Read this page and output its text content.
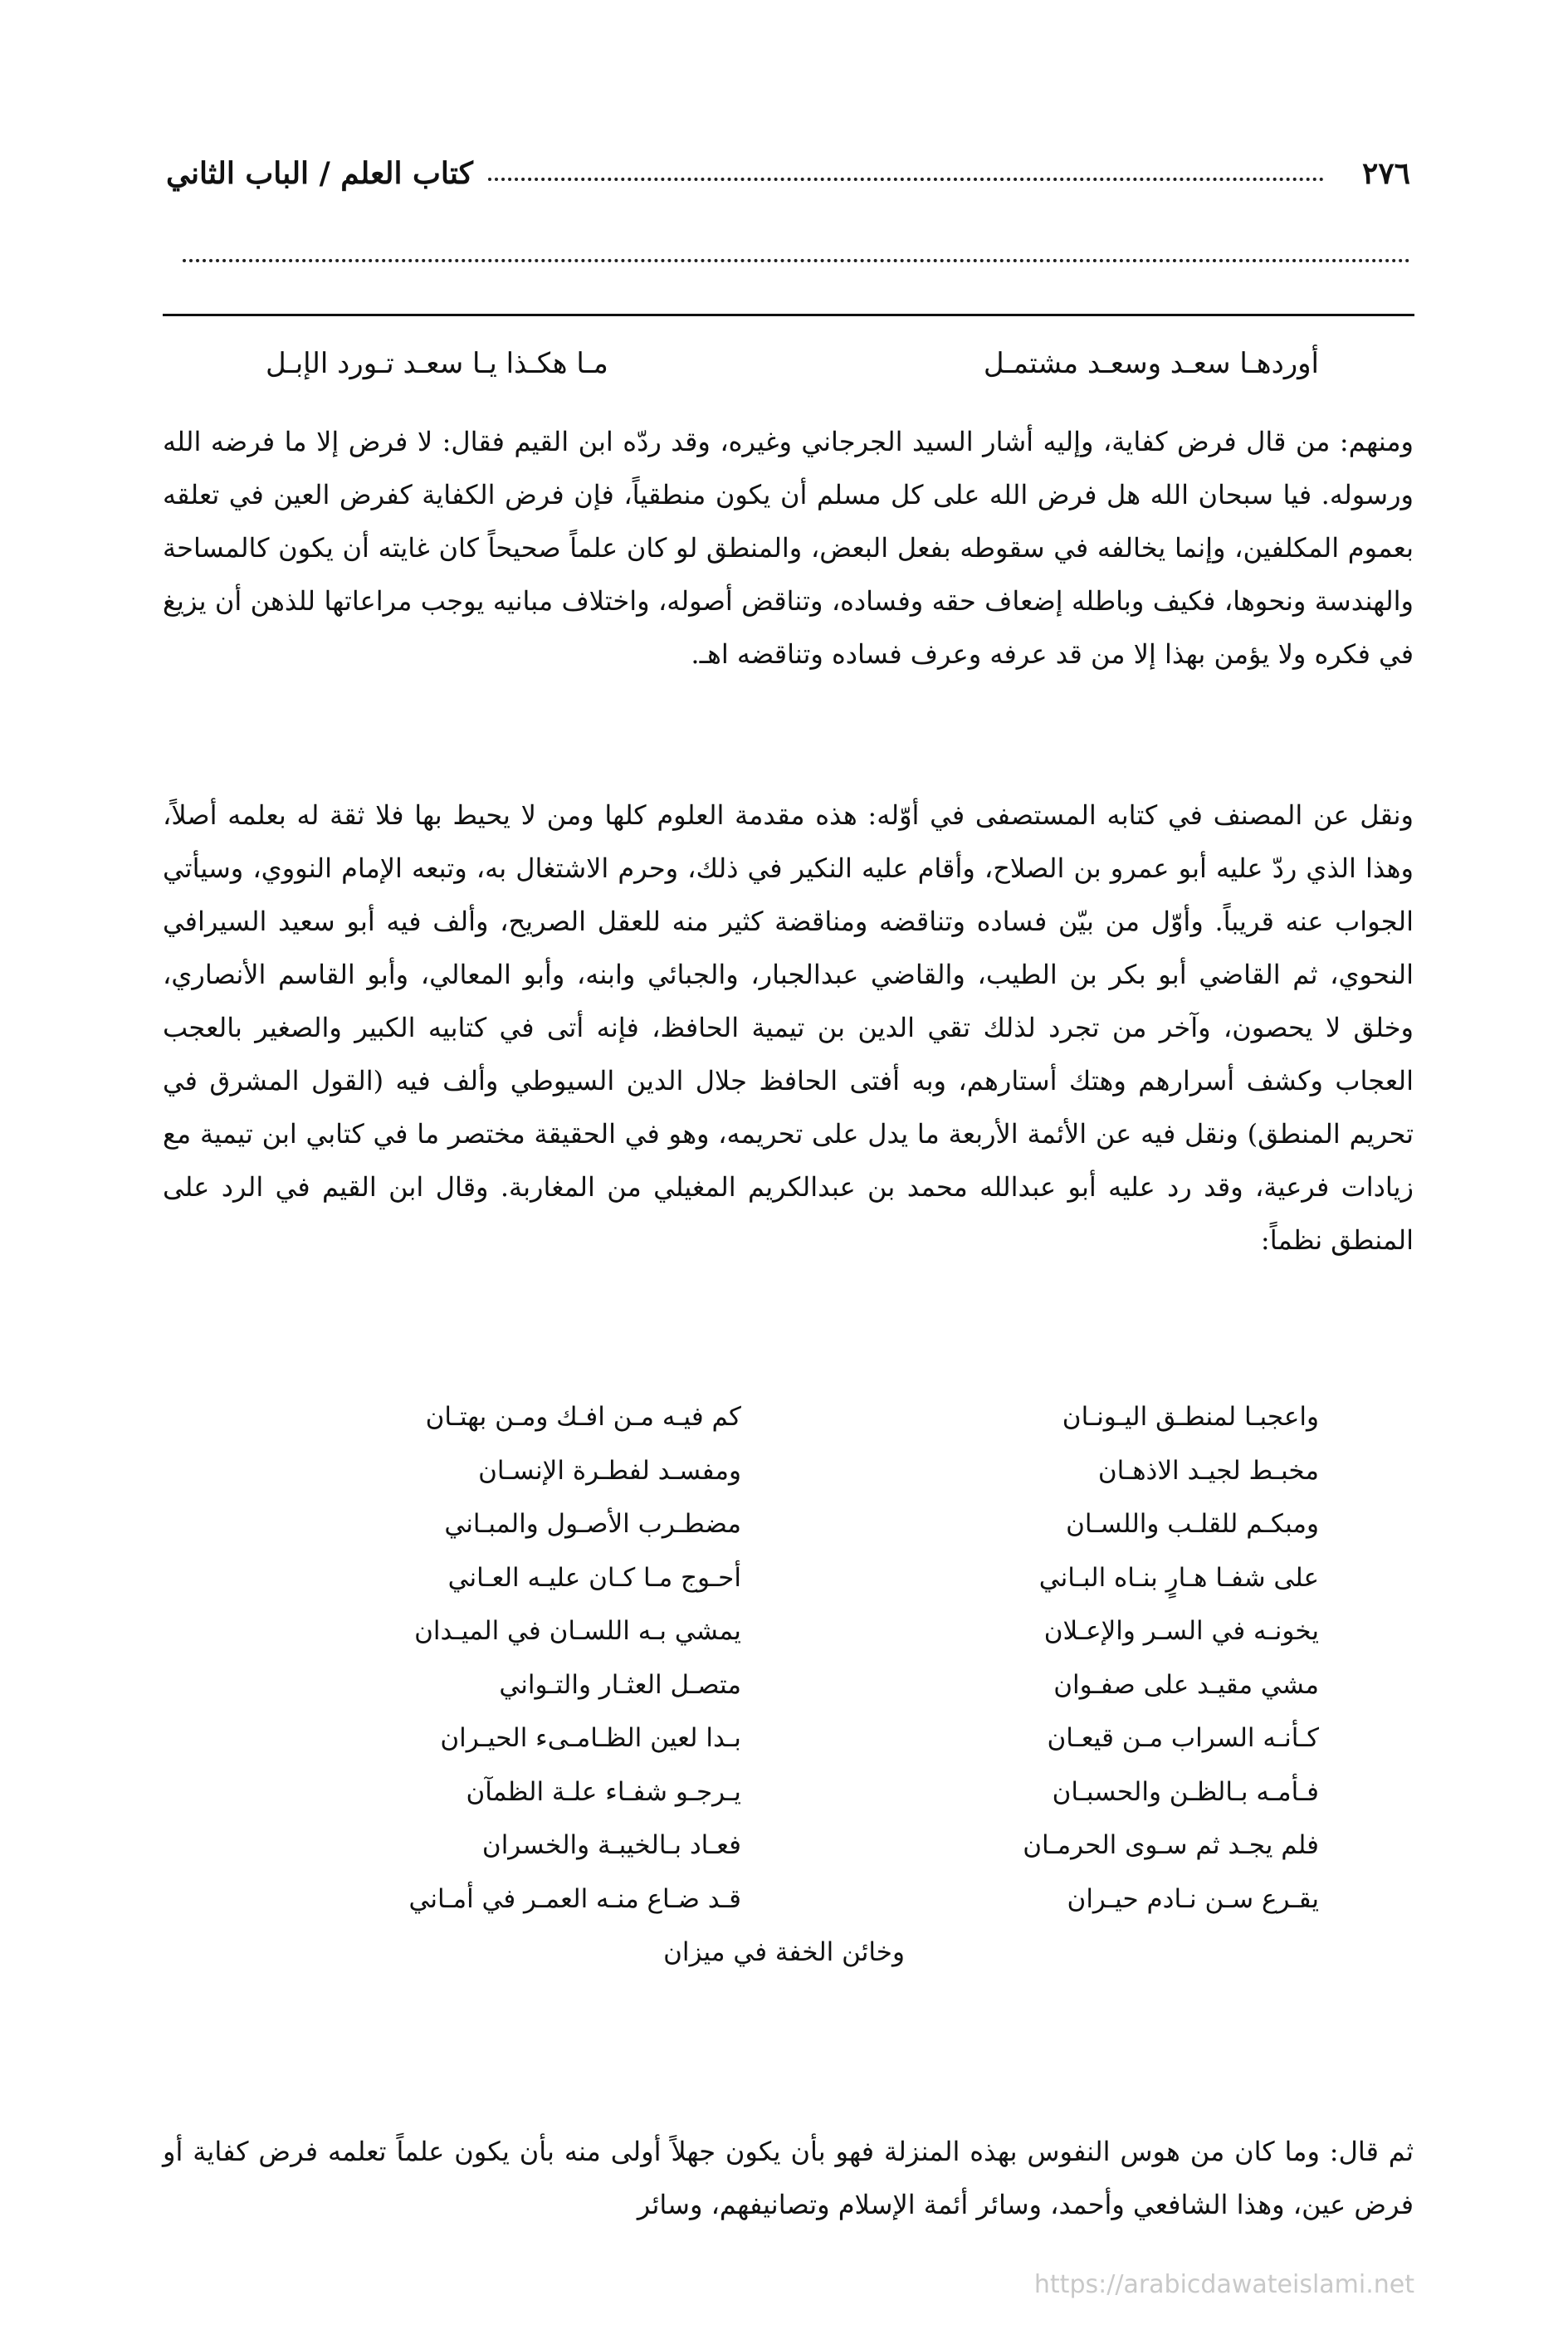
٢٧٦
كتاب العلم / الباب الثاني
أوردهـا سعـد وسعـد مشتمـل
مـا هكـذا يـا سعـد تـورد الإبـل

ومنهم: من قال فرض كفاية، وإليه أشار السيد الجرجاني وغيره، وقد ردّه ابن القيم فقال: لا فرض إلا ما فرضه الله ورسوله. فيا سبحان الله هل فرض الله على كل مسلم أن يكون منطقياً، فإن فرض الكفاية كفرض العين في تعلقه بعموم المكلفين، وإنما يخالفه في سقوطه بفعل البعض، والمنطق لو كان علماً صحيحاً كان غايته أن يكون كالمساحة والهندسة ونحوها، فكيف وباطله إضعاف حقه وفساده، وتناقض أصوله، واختلاف مبانيه يوجب مراعاتها للذهن أن يزيغ في فكره ولا يؤمن بهذا إلا من قد عرفه وعرف فساده وتناقضه اهـ.

ونقل عن المصنف في كتابه المستصفى في أوّله: هذه مقدمة العلوم كلها ومن لا يحيط بها فلا ثقة له بعلمه أصلاً، وهذا الذي ردّ عليه أبو عمرو بن الصلاح، وأقام عليه النكير في ذلك، وحرم الاشتغال به، وتبعه الإمام النووي، وسيأتي الجواب عنه قريباً. وأوّل من بيّن فساده وتناقضه ومناقضة كثير منه للعقل الصريح، وألف فيه أبو سعيد السيرافي النحوي، ثم القاضي أبو بكر بن الطيب، والقاضي عبدالجبار، والجبائي وابنه، وأبو المعالي، وأبو القاسم الأنصاري، وخلق لا يحصون، وآخر من تجرد لذلك تقي الدين بن تيمية الحافظ، فإنه أتى في كتابيه الكبير والصغير بالعجب العجاب وكشف أسرارهم وهتك أستارهم، وبه أفتى الحافظ جلال الدين السيوطي وألف فيه (القول المشرق في تحريم المنطق) ونقل فيه عن الأئمة الأربعة ما يدل على تحريمه، وهو في الحقيقة مختصر ما في كتابي ابن تيمية مع زيادات فرعية، وقد رد عليه أبو عبدالله محمد بن عبدالكريم المغيلي من المغاربة. وقال ابن القيم في الرد على المنطق نظماً:

واعجبـا لمنطـق اليـونـان
كم فيـه مـن افـك ومـن بهتـان
مخبـط لجيـد الاذهـان
ومفسـد لفطـرة الإنسـان
ومبكـم للقلـب واللسـان
مضطـرب الأصـول والمبـاني
على شفـا هـارٍ بنـاه البـاني
أحـوج مـا كـان عليـه العـاني
يخونـه في السـر والإعـلان
يمشي بـه اللسـان في الميـدان
مشي مقيـد على صفـوان
متصـل العثـار والتـواني
كـأنـه السراب مـن قيعـان
بـدا لعين الظـامـىء الحيـران
فـأمـه بـالظـن والحسبـان
يـرجـو شفـاء علـة الظمآن
فلم يجـد ثم سـوى الحرمـان
فعـاد بـالخيبـة والخسران
يقـرع سـن نـادم حيـران
قـد ضـاع منـه العمـر في أمـاني
وخائن الخفة في ميزان

ثم قال: وما كان من هوس النفوس بهذه المنزلة فهو بأن يكون جهلاً أولى منه بأن يكون علماً تعلمه فرض كفاية أو فرض عين، وهذا الشافعي وأحمد، وسائر أئمة الإسلام وتصانيفهم، وسائر

https://arabicdawateislami.net
